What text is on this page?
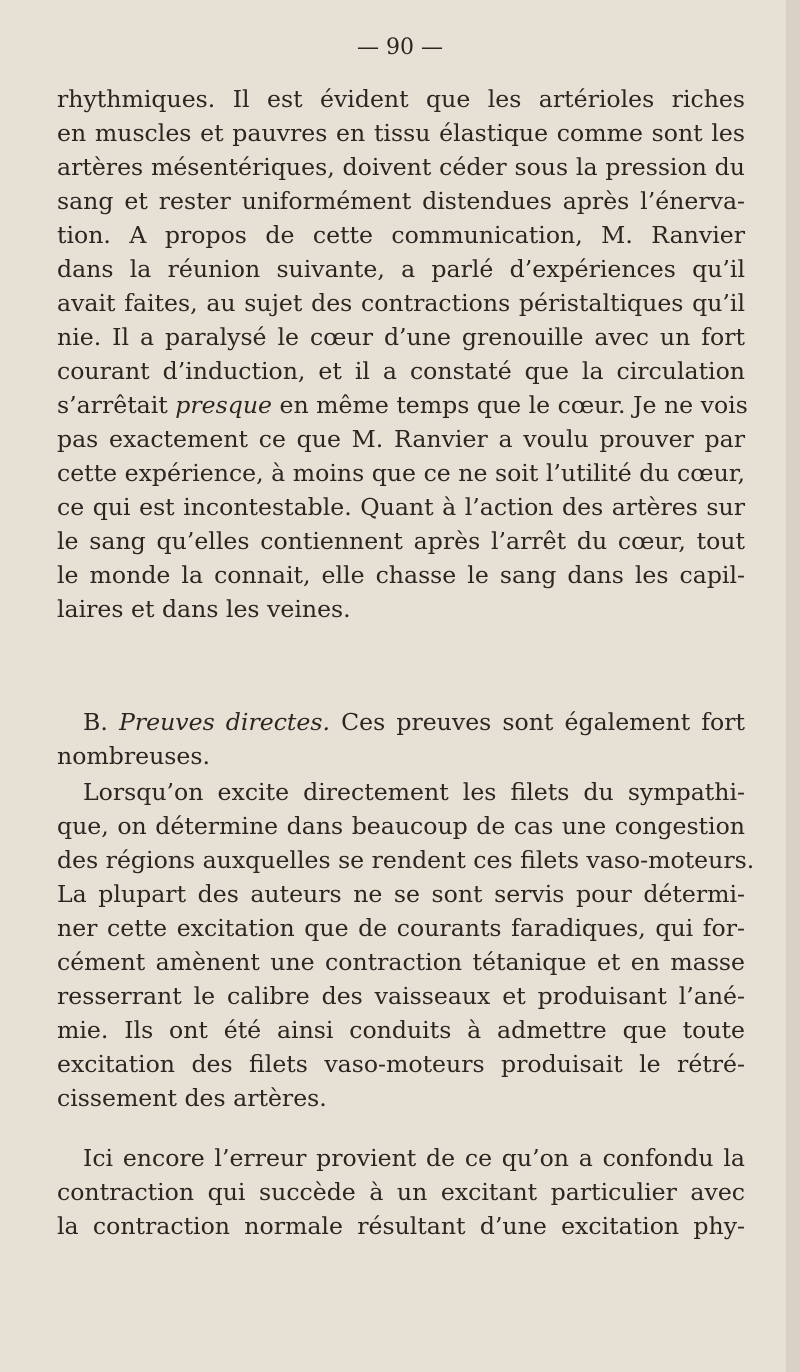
— 90 —
rhythmiques. Il est évident que les artérioles riches
en muscles et pauvres en tissu élastique comme sont les
artères mésentériques, doivent céder sous la pression du
sang et rester uniformément distendues après l’énerva-
tion. A propos de cette communication, M. Ranvier
dans la réunion suivante, a parlé d’expériences qu’il
avait faites, au sujet des contractions péristaltiques qu’il
nie. Il a paralysé le cœur d’une grenouille avec un fort
courant d’induction, et il a constaté que la circulation
s’arrêtait presque en même temps que le cœur. Je ne vois
pas exactement ce que M. Ranvier a voulu prouver par
cette expérience, à moins que ce ne soit l’utilité du cœur,
ce qui est incontestable. Quant à l’action des artères sur
le sang qu’elles contiennent après l’arrêt du cœur, tout
le monde la connait, elle chasse le sang dans les capil-
laires et dans les veines.
B. Preuves directes. Ces preuves sont également fort
nombreuses.
Lorsqu’on excite directement les filets du sympathi-
que, on détermine dans beaucoup de cas une congestion
des régions auxquelles se rendent ces filets vaso-moteurs.
La plupart des auteurs ne se sont servis pour détermi-
ner cette excitation que de courants faradiques, qui for-
cément amènent une contraction tétanique et en masse
resserrant le calibre des vaisseaux et produisant l’ané-
mie. Ils ont été ainsi conduits à admettre que toute
excitation des filets vaso-moteurs produisait le rétré-
cissement des artères.
Ici encore l’erreur provient de ce qu’on a confondu la
contraction qui succède à un excitant particulier avec
la contraction normale résultant d’une excitation phy-
